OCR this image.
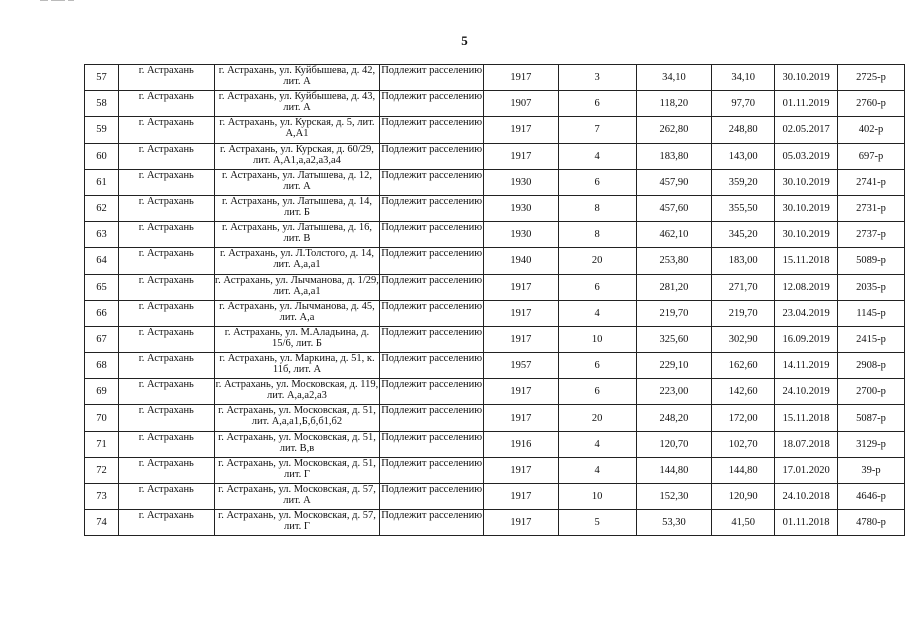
5
57	г. Астрахань	г. Астрахань, ул. Куйбышева, д. 42, лит. А	Подлежит расселению	1917	3	34,10	34,10	30.10.2019	2725-р
58	г. Астрахань	г. Астрахань, ул. Куйбышева, д. 43, лит. А	Подлежит расселению	1907	6	118,20	97,70	01.11.2019	2760-р
59	г. Астрахань	г. Астрахань, ул. Курская, д. 5, лит. А,А1	Подлежит расселению	1917	7	262,80	248,80	02.05.2017	402-р
60	г. Астрахань	г. Астрахань, ул. Курская, д. 60/29, лит. А,А1,а,а2,а3,а4	Подлежит расселению	1917	4	183,80	143,00	05.03.2019	697-р
61	г. Астрахань	г. Астрахань, ул. Латышева, д. 12, лит. А	Подлежит расселению	1930	6	457,90	359,20	30.10.2019	2741-р
62	г. Астрахань	г. Астрахань, ул. Латышева, д. 14, лит. Б	Подлежит расселению	1930	8	457,60	355,50	30.10.2019	2731-р
63	г. Астрахань	г. Астрахань, ул. Латышева, д. 16, лит. В	Подлежит расселению	1930	8	462,10	345,20	30.10.2019	2737-р
64	г. Астрахань	г. Астрахань, ул. Л.Толстого, д. 14, лит. А,а,а1	Подлежит расселению	1940	20	253,80	183,00	15.11.2018	5089-р
65	г. Астрахань	г. Астрахань, ул. Лычманова, д. 1/29, лит. А,а,а1	Подлежит расселению	1917	6	281,20	271,70	12.08.2019	2035-р
66	г. Астрахань	г. Астрахань, ул. Лычманова, д. 45, лит. А,а	Подлежит расселению	1917	4	219,70	219,70	23.04.2019	1145-р
67	г. Астрахань	г. Астрахань, ул. М.Аладьина, д. 15/6, лит. Б	Подлежит расселению	1917	10	325,60	302,90	16.09.2019	2415-р
68	г. Астрахань	г. Астрахань, ул. Маркина, д. 51, к. 11б, лит. А	Подлежит расселению	1957	6	229,10	162,60	14.11.2019	2908-р
69	г. Астрахань	г. Астрахань, ул. Московская, д. 119, лит. А,а,а2,а3	Подлежит расселению	1917	6	223,00	142,60	24.10.2019	2700-р
70	г. Астрахань	г. Астрахань, ул. Московская, д. 51, лит. А,а,а1,Б,б,б1,б2	Подлежит расселению	1917	20	248,20	172,00	15.11.2018	5087-р
71	г. Астрахань	г. Астрахань, ул. Московская, д. 51, лит. В,в	Подлежит расселению	1916	4	120,70	102,70	18.07.2018	3129-р
72	г. Астрахань	г. Астрахань, ул. Московская, д. 51, лит. Г	Подлежит расселению	1917	4	144,80	144,80	17.01.2020	39-р
73	г. Астрахань	г. Астрахань, ул. Московская, д. 57, лит. А	Подлежит расселению	1917	10	152,30	120,90	24.10.2018	4646-р
74	г. Астрахань	г. Астрахань, ул. Московская, д. 57, лит. Г	Подлежит расселению	1917	5	53,30	41,50	01.11.2018	4780-р
